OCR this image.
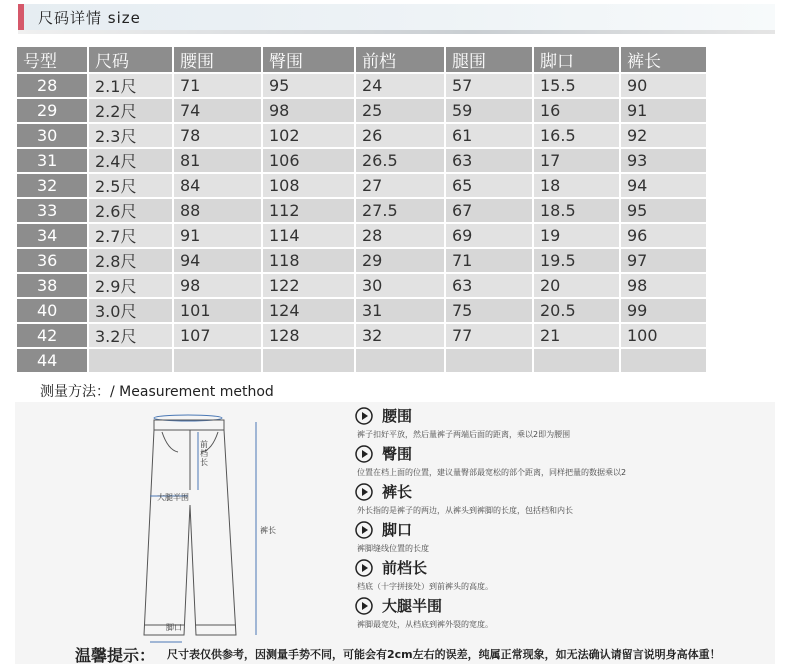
尺码详情 size
号型	尺码	腰围	臀围	前档	腿围	脚口	裤长
28	2.1尺	71	95	24	57	15.5	90
29	2.2尺	74	98	25	59	16	91
30	2.3尺	78	102	26	61	16.5	92
31	2.4尺	81	106	26.5	63	17	93
32	2.5尺	84	108	27	65	18	94
33	2.6尺	88	112	27.5	67	18.5	95
34	2.7尺	91	114	28	69	19	96
36	2.8尺	94	118	29	71	19.5	97
38	2.9尺	98	122	30	63	20	98
40	3.0尺	101	124	31	75	20.5	99
42	3.2尺	107	128	32	77	21	100
44							
测量方法：/ Measurement method
前档长
大腿半围
裤长
脚口
腰围
裤子扣好平放，然后量裤子两端后面的距离，乘以2即为腰围
臀围
位置在档上面的位置，建议量臀部最宽松的部个距离，同样把量的数据乘以2
裤长
外长指的是裤子的两边，从裤头到裤脚的长度，包括档和内长
脚口
裤脚缝线位置的长度
前档长
档底（十字拼接处）到前裤头的高度。
大腿半围
裤脚最宽处，从档底到裤外裂的宽度。
温馨提示： 尺寸表仅供参考，因测量手势不同，可能会有2cm左右的误差，纯属正常现象，如无法确认请留言说明身高体重！
